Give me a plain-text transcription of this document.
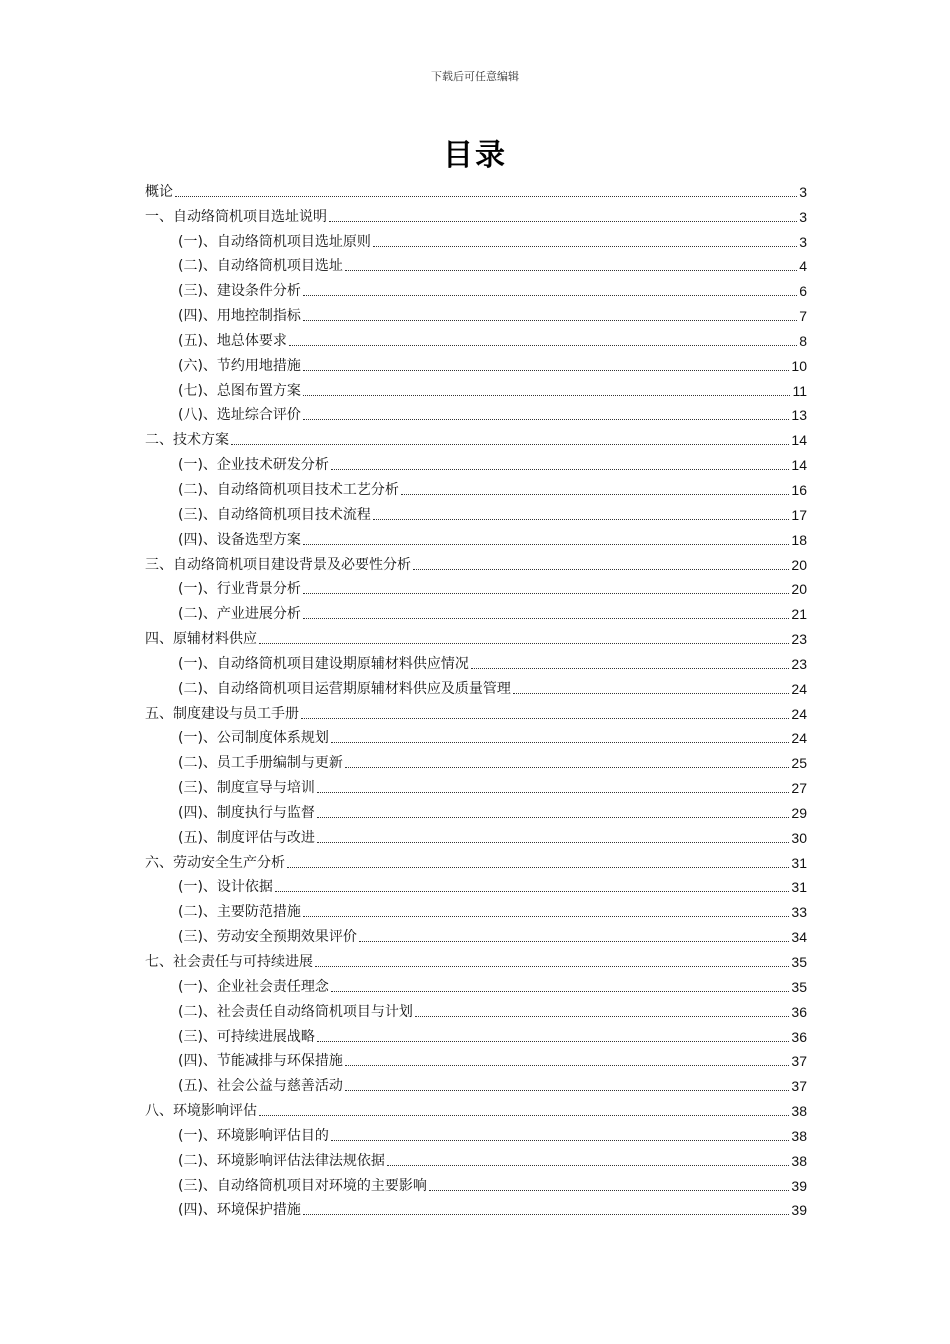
下载后可任意编辑
目录
概论	3
一、自动络筒机项目选址说明	3
(一)、自动络筒机项目选址原则	3
(二)、自动络筒机项目选址	4
(三)、建设条件分析	6
(四)、用地控制指标	7
(五)、地总体要求	8
(六)、节约用地措施	10
(七)、总图布置方案	11
(八)、选址综合评价	13
二、技术方案	14
(一)、企业技术研发分析	14
(二)、自动络筒机项目技术工艺分析	16
(三)、自动络筒机项目技术流程	17
(四)、设备选型方案	18
三、自动络筒机项目建设背景及必要性分析	20
(一)、行业背景分析	20
(二)、产业进展分析	21
四、原辅材料供应	23
(一)、自动络筒机项目建设期原辅材料供应情况	23
(二)、自动络筒机项目运营期原辅材料供应及质量管理	24
五、制度建设与员工手册	24
(一)、公司制度体系规划	24
(二)、员工手册编制与更新	25
(三)、制度宣导与培训	27
(四)、制度执行与监督	29
(五)、制度评估与改进	30
六、劳动安全生产分析	31
(一)、设计依据	31
(二)、主要防范措施	33
(三)、劳动安全预期效果评价	34
七、社会责任与可持续进展	35
(一)、企业社会责任理念	35
(二)、社会责任自动络筒机项目与计划	36
(三)、可持续进展战略	36
(四)、节能减排与环保措施	37
(五)、社会公益与慈善活动	37
八、环境影响评估	38
(一)、环境影响评估目的	38
(二)、环境影响评估法律法规依据	38
(三)、自动络筒机项目对环境的主要影响	39
(四)、环境保护措施	39
